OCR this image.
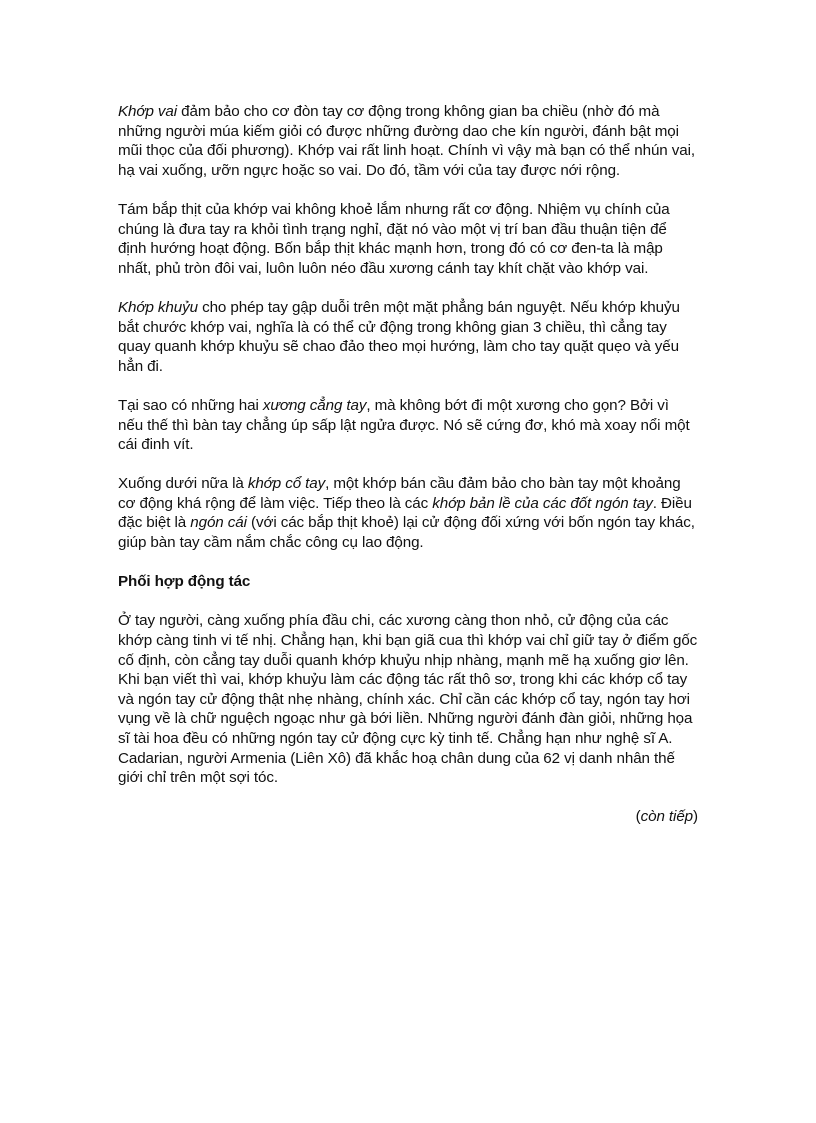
Khớp vai đảm bảo cho cơ đòn tay cơ động trong không gian ba chiều (nhờ đó mà những người múa kiếm giỏi có được những đường dao che kín người, đánh bật mọi mũi thọc của đối phương). Khớp vai rất linh hoạt. Chính vì vậy mà bạn có thể nhún vai, hạ vai xuống, ưỡn ngực hoặc so vai. Do đó, tầm với của tay được nới rộng.

Tám bắp thịt của khớp vai không khoẻ lắm nhưng rất cơ động. Nhiệm vụ chính của chúng là đưa tay ra khỏi tình trạng nghỉ, đặt nó vào một vị trí ban đầu thuận tiện để định hướng hoạt động. Bốn bắp thịt khác mạnh hơn, trong đó có cơ đen-ta là mập nhất, phủ tròn đôi vai, luôn luôn néo đầu xương cánh tay khít chặt vào khớp vai.

Khớp khuỷu cho phép tay gập duỗi trên một mặt phẳng bán nguyệt. Nếu khớp khuỷu bắt chước khớp vai, nghĩa là có thể cử động trong không gian 3 chiều, thì cẳng tay quay quanh khớp khuỷu sẽ chao đảo theo mọi hướng, làm cho tay quặt quẹo và yếu hẳn đi.

Tại sao có những hai xương cẳng tay, mà không bớt đi một xương cho gọn? Bởi vì nếu thế thì bàn tay chẳng úp sấp lật ngửa được. Nó sẽ cứng đơ, khó mà xoay nổi một cái đinh vít.

Xuống dưới nữa là khớp cổ tay, một khớp bán cầu đảm bảo cho bàn tay một khoảng cơ động khá rộng để làm việc. Tiếp theo là các khớp bản lề của các đốt ngón tay. Điều đặc biệt là ngón cái (với các bắp thịt khoẻ) lại cử động đối xứng với bốn ngón tay khác, giúp bàn tay cầm nắm chắc công cụ lao động.

Phối hợp động tác

Ở tay người, càng xuống phía đầu chi, các xương càng thon nhỏ, cử động của các khớp càng tinh vi tế nhị. Chẳng hạn, khi bạn giã cua thì khớp vai chỉ giữ tay ở điểm gốc cố định, còn cẳng tay duỗi quanh khớp khuỷu nhịp nhàng, mạnh mẽ hạ xuống giơ lên. Khi bạn viết thì vai, khớp khuỷu làm các động tác rất thô sơ, trong khi các khớp cổ tay và ngón tay cử động thật nhẹ nhàng, chính xác. Chỉ cần các khớp cổ tay, ngón tay hơi vụng về là chữ nguệch ngoạc như gà bới liền. Những người đánh đàn giỏi, những họa sĩ tài hoa đều có những ngón tay cử động cực kỳ tinh tế. Chẳng hạn như nghệ sĩ A. Cadarian, người Armenia (Liên Xô) đã khắc hoạ chân dung của 62 vị danh nhân thế giới chỉ trên một sợi tóc.

(còn tiếp)
